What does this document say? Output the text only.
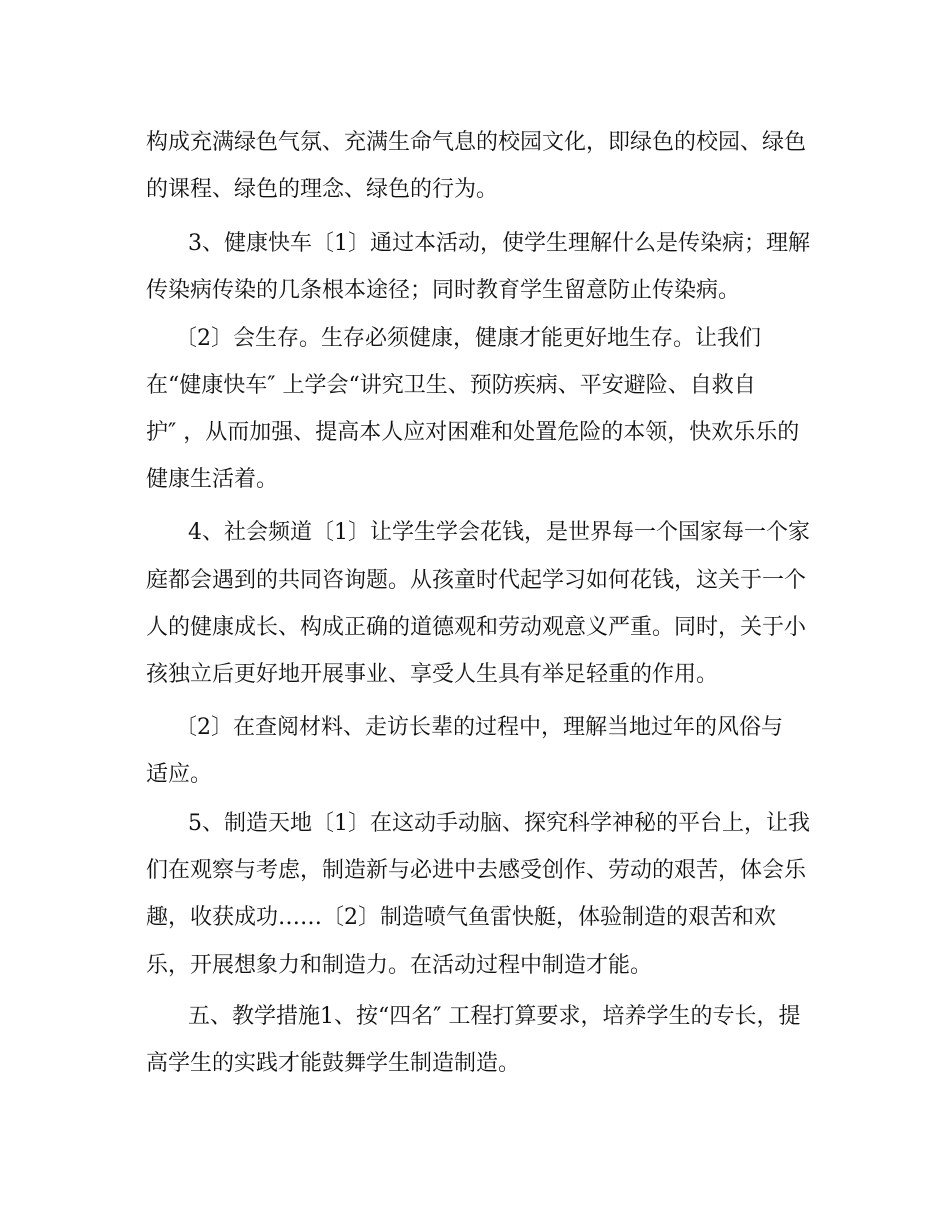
构成充满绿色气氛、充满生命气息的校园文化，即绿色的校园、绿色
的课程、绿色的理念、绿色的行为。
3、健康快车〔1〕通过本活动，使学生理解什么是传染病；理解
传染病传染的几条根本途径；同时教育学生留意防止传染病。
〔2〕会生存。生存必须健康，健康才能更好地生存。让我们
在“健康快车″ 上学会“讲究卫生、预防疾病、平安避险、自救自
护″ ，从而加强、提高本人应对困难和处置危险的本领，快欢乐乐的
健康生活着。
4、社会频道〔1〕让学生学会花钱，是世界每一个国家每一个家
庭都会遇到的共同咨询题。从孩童时代起学习如何花钱，这关于一个
人的健康成长、构成正确的道德观和劳动观意义严重。同时，关于小
孩独立后更好地开展事业、享受人生具有举足轻重的作用。
〔2〕在查阅材料、走访长辈的过程中，理解当地过年的风俗与
适应。
5、制造天地〔1〕在这动手动脑、探究科学神秘的平台上，让我
们在观察与考虑，制造新与必进中去感受创作、劳动的艰苦，体会乐
趣，收获成功……〔2〕制造喷气鱼雷快艇，体验制造的艰苦和欢
乐，开展想象力和制造力。在活动过程中制造才能。
五、教学措施1、按“四名″ 工程打算要求，培养学生的专长，提
高学生的实践才能鼓舞学生制造制造。
